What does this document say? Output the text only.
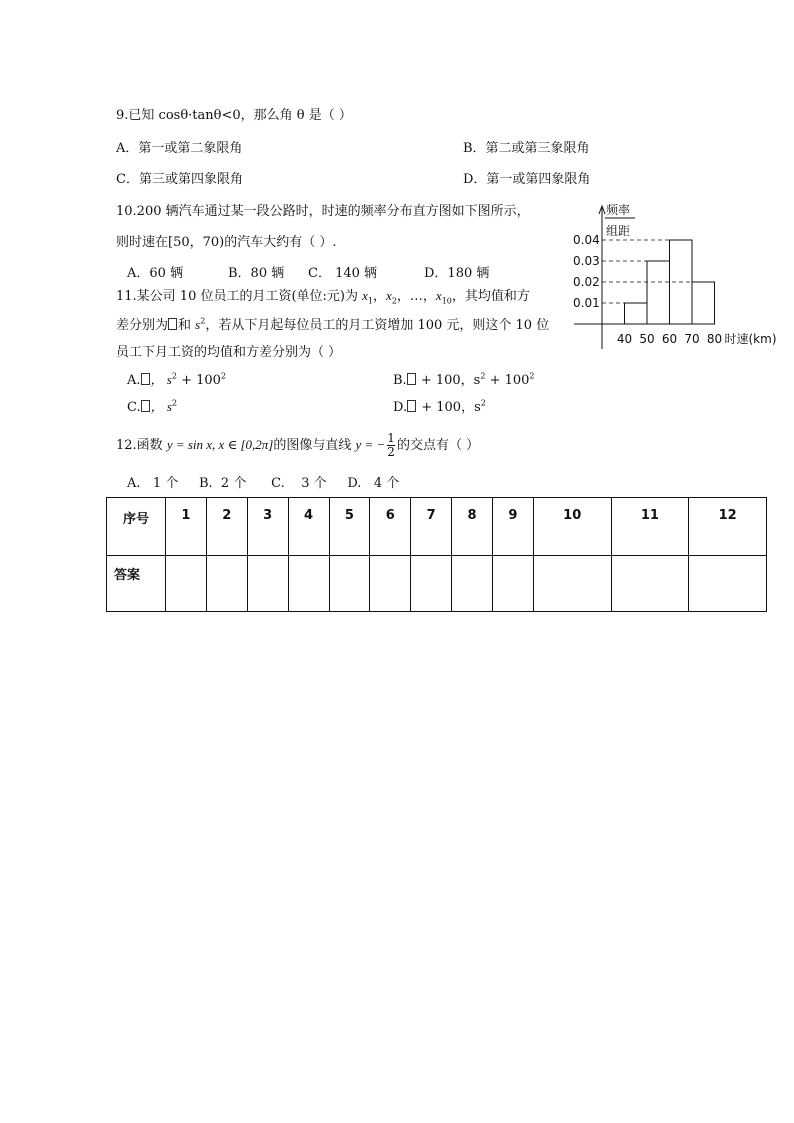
9.已知 cosθ·tanθ<0，那么角 θ 是（ ）
A．第一或第二象限角	B．第二或第三象限角
C．第三或第四象限角	D．第一或第四象限角
10.200 辆汽车通过某一段公路时，时速的频率分布直方图如下图所示，
则时速在[50，70)的汽车大约有（ ）.
A．60 辆	B．80 辆 C． 140 辆	D．180 辆
频率
组距
0.04
0.03
0.02
0.01
40 50 60 70 80 时速(km)
11.某公司 10 位员工的月工资(单位:元)为 $x_1$，$x_2$，…，$x_{10}$，其均值和方
差分别为 和 $s^2$，若从下月起每位员工的月工资增加 100 元，则这个 10 位
员工下月工资的均值和方差分别为（ ）
A. ， $s^2 + 100^2$	B. + 100，$s^2 + 100^2$
C. ， $s^2$	D. + 100，$s^2$
12.函数 y = sin x, x ∈ [0,2π]的图像与直线 y = − $\frac{1}{2}$ 的交点有（ ）
A.   1 个     B.  2 个      C.    3 个     D.   4 个
序号	1	2	3	4	5	6	7	8	9	10	11	12
答案												
